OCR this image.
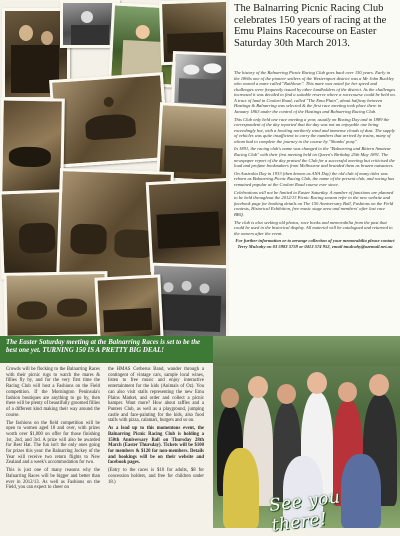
The Balnarring Picnic Racing Club celebrates 150 years of racing at the Emu Plains Racecourse on Easter Saturday 30th March 2013.

The history of the Balnarring Picnic Racing Club goes back over 150 years. Early in the 1860s one of the pioneer settlers of the Westernport district was a Mr John Buckley who owned a mare called "Rathlowe". This mare was noted for her speed and challenges were frequently issued by other landholders of the district. As the challenges increased it was decided to find a suitable reserve where a racecourse could be held on. A tract of land in Coolart Road, called "The Emu Plain", about halfway between Hastings & Balnarring was selected & the first race meeting took place there in January 1863 under the control of the Hastings and Balnarring Racing Club.

This Club only held one race meeting a year, usually on Boxing Day and in 1889 the correspondent of the day reported that the day was not an enjoyable one being exceedingly hot, with a howling northerly wind and immense clouds of dust. The supply of vehicles was quite insufficient to carry the numbers that arrived by trains, many of whom had to complete the journey to the course by "Shanks' pony".

In 1891, the racing club's name was changed to the "Balnarring and Bittern Amateur Racing Club" with their first meeting held on Queen's Birthday 25th May 1891. The newspaper report of the day praised the Club for a successful meeting but criticised the loud and profane bookmakers from Melbourne and branded them as brazen nuisances.

On Australia Day in 1933 (then known as ANA Day) the old club of many titles was reborn as Balnarring Picnic Racing Club, the name of the present club, and racing has remained popular at the Coolart Road course ever since.

Celebrations will not be limited to Easter Saturday. A number of functions are planned to be held throughout the 2012/13 Picnic Racing season refer to the new website and facebook page for booking details on The 150 Anniversary Ball, Fashions on the Field contests, Historical Exhibition, free music stage area and members' after last race BBQ.

The club is also seeking old photos, race books and memorabilia from the past that could be used in the historical display. All material will be catalogued and returned to the owners after the event.

For further information or to arrange collection of your memorabilia please contact Terry Mulcahy on 03 5983 5759 or 0413 574 952, email tmulcahy@ozemail.net.au

The Easter Saturday meeting at the Balnarring Races is set to be the best one yet. TURNING 150 IS A PRETTY BIG DEAL!

Crowds will be flocking to the Balnarring Races with their picnic rugs to watch the mares & fillies fly by, and for the very first time the Racing Club will host a Fashions on the Field competition. If the Mornington Peninsula's fashion boutiques are anything to go by, then there will be plenty of beautifully groomed fillies of a different kind making their way around the course.

The fashions on the field competition will be open to women aged 18 and over, with prizes worth over $1,000 on offer for those finishing 1st, 2nd, and 3rd. A prize will also be awarded for Best Hat. The fun isn't the only ones going for prizes this year: the Balnarring Jockey of the Year will receive two return flights to New Zealand and a week's accommodation for two.

This is just one of many reasons why the Balnarring Races will be bigger and better than ever in 2012/13. As well as Fashions on the Field, you can expect to cheer on

the HMAS Cerberus Band, wander through a contingent of vintage cars, sample local wines, listen to free music and enjoy interactive entertainment for the kids (Animals of Oz). You can also visit stalls representing the new Emu Plains Market, and order and collect a picnic hamper. Want more? How about raffles and a Punters Club, as well as a playground, jumping castle and face-painting for the kids, also food stalls with pizza, calamari, burgers and so on.

As a lead up to this momentous event, the Balnarring Picnic Racing Club is holding a 150th Anniversary Ball on Thursday 28th March (Easter Thursday). Tickets will be $100 for members & $120 for non-members. Details and bookings will be on their website and facebook pages.

(Entry to the races is $10 for adults, $8 for concession holders, and free for children under 18.)

See you there!
